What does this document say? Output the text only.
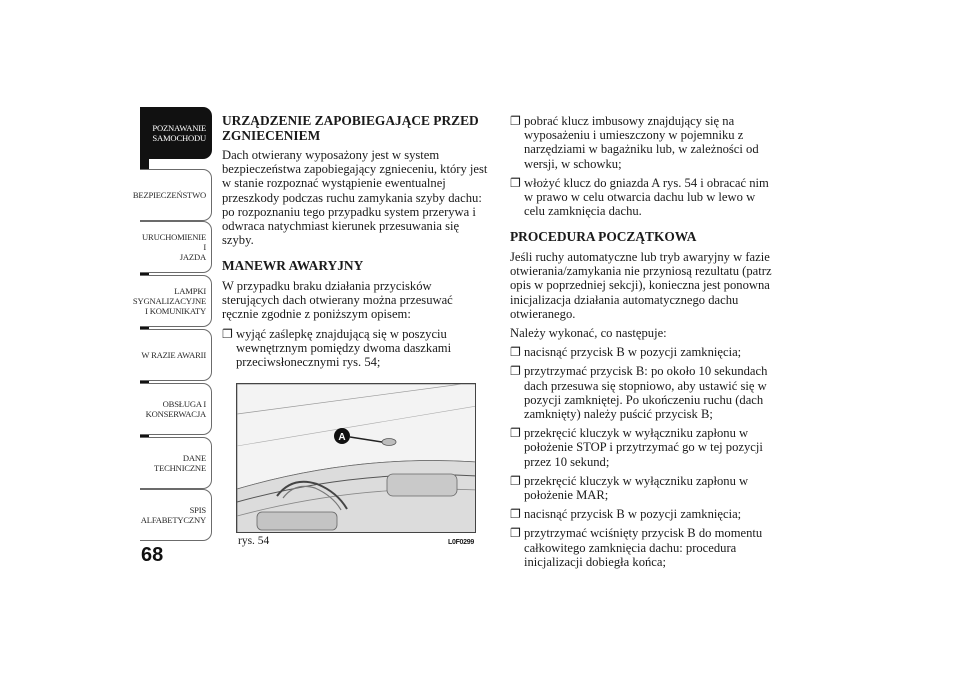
POZNAWANIE
SAMOCHODU
BEZPIECZEŃSTWO
URUCHOMIENIE I
JAZDA
LAMPKI
SYGNALIZACYJNE
I KOMUNIKATY
W RAZIE AWARII
OBSŁUGA I
KONSERWACJA
DANE
TECHNICZNE
SPIS
ALFABETYCZNY
68
URZĄDZENIE ZAPOBIEGAJĄCE PRZED ZGNIECENIEM

Dach otwierany wyposażony jest w system bezpieczeństwa zapobiegający zgnieceniu, który jest w stanie rozpoznać wystąpienie ewentualnej przeszkody podczas ruchu zamykania szyby dachu: po rozpoznaniu tego przypadku system przerywa i odwraca natychmiast kierunek przesuwania się szyby.

MANEWR AWARYJNY

W przypadku braku działania przycisków sterujących dach otwierany można przesuwać ręcznie zgodnie z poniższym opisem:

❐ wyjąć zaślepkę znajdującą się w poszyciu wewnętrznym pomiędzy dwoma daszkami przeciwsłonecznymi rys. 54;
A
rys. 54	L0F0299
❐ pobrać klucz imbusowy znajdujący się na wyposażeniu i umieszczony w pojemniku z narzędziami w bagażniku lub, w zależności od wersji, w schowku;
❐ włożyć klucz do gniazda A rys. 54 i obracać nim w prawo w celu otwarcia dachu lub w lewo w celu zamknięcia dachu.
PROCEDURA POCZĄTKOWA

Jeśli ruchy automatyczne lub tryb awaryjny w fazie otwierania/zamykania nie przyniosą rezultatu (patrz opis w poprzedniej sekcji), konieczna jest ponowna inicjalizacja działania automatycznego dachu otwieranego.

Należy wykonać, co następuje:

❐ nacisnąć przycisk B w pozycji zamknięcia;
❐ przytrzymać przycisk B: po około 10 sekundach dach przesuwa się stopniowo, aby ustawić się w pozycji zamkniętej. Po ukończeniu ruchu (dach zamknięty) należy puścić przycisk B;
❐ przekręcić kluczyk w wyłączniku zapłonu w położenie STOP i przytrzymać go w tej pozycji przez 10 sekund;
❐ przekręcić kluczyk w wyłączniku zapłonu w położenie MAR;
❐ nacisnąć przycisk B w pozycji zamknięcia;
❐ przytrzymać wciśnięty przycisk B do momentu całkowitego zamknięcia dachu: procedura inicjalizacji dobiegła końca;
